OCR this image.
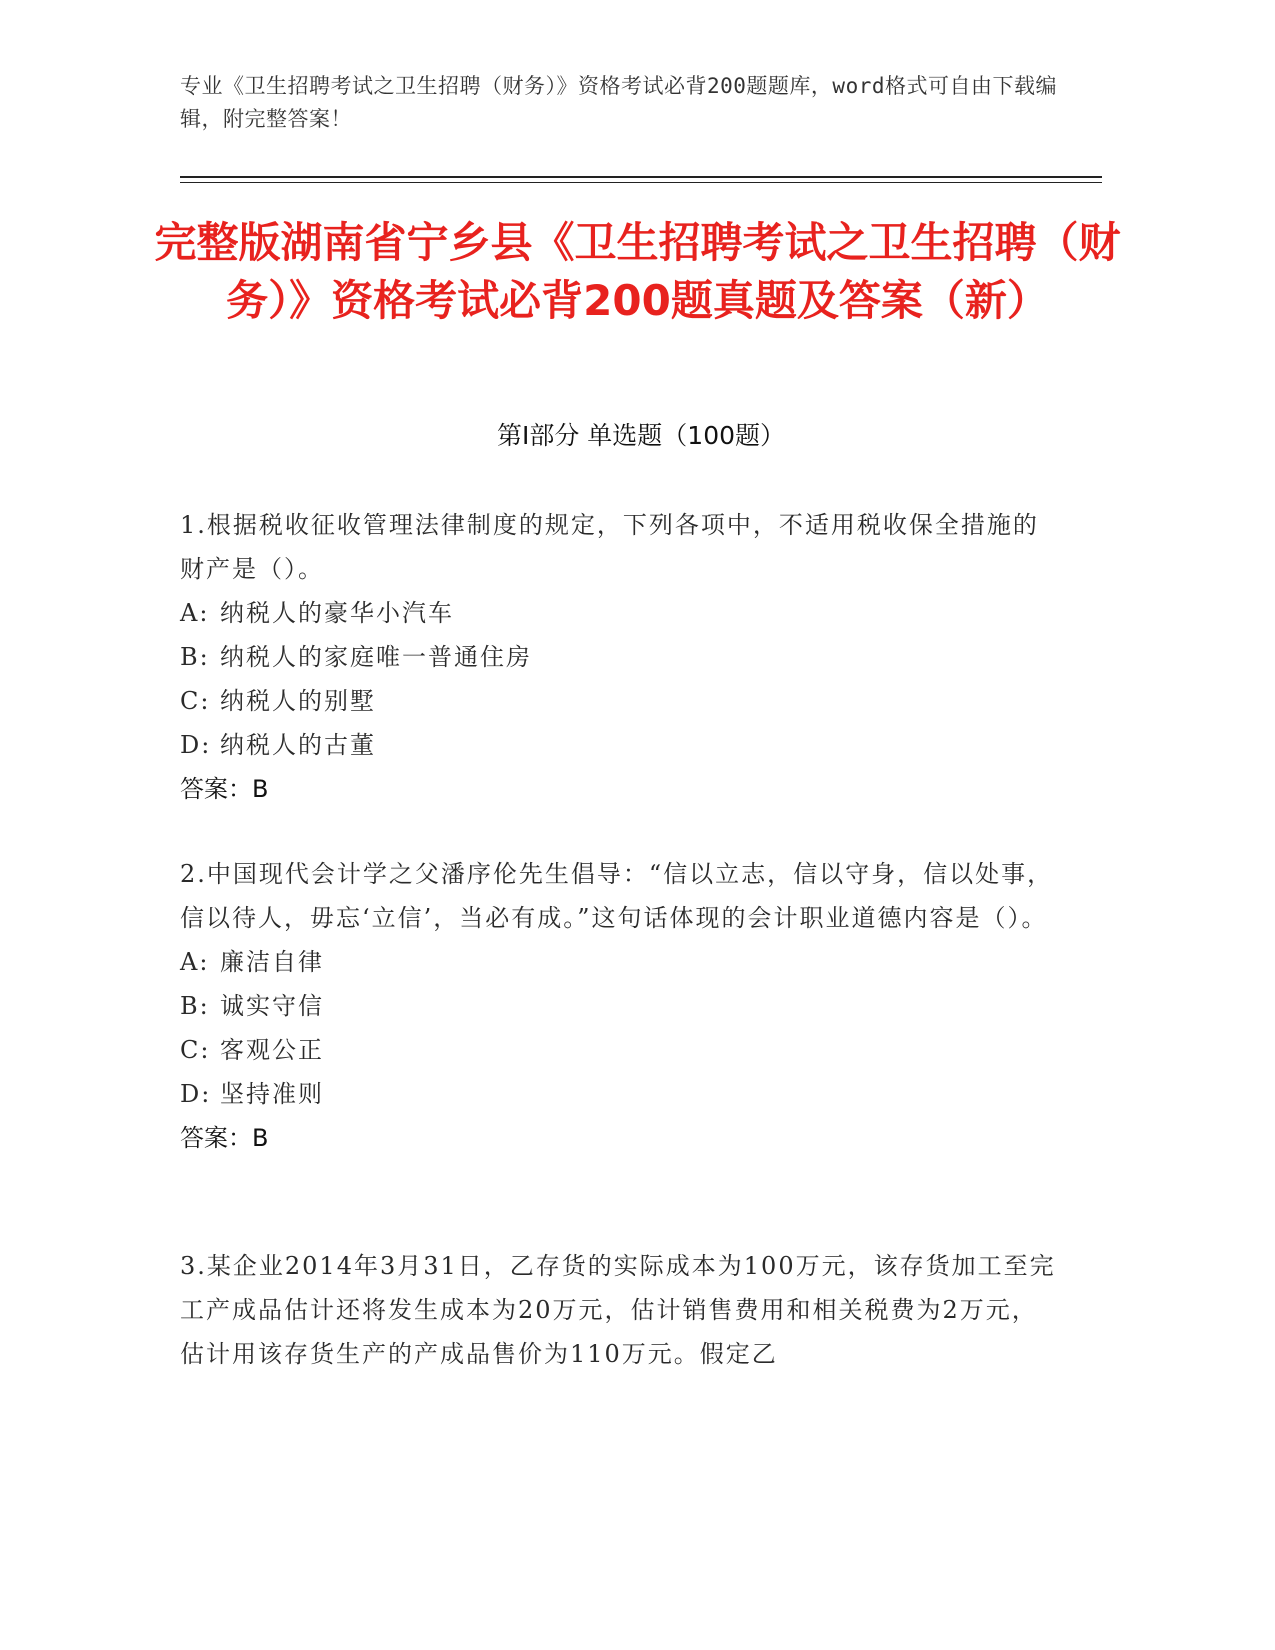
专业《卫生招聘考试之卫生招聘（财务）》资格考试必背200题题库，word格式可自由下载编辑，附完整答案！
完整版湖南省宁乡县《卫生招聘考试之卫生招聘（财务）》资格考试必背200题真题及答案（新）
第Ⅰ部分 单选题（100题）
1.根据税收征收管理法律制度的规定，下列各项中，不适用税收保全措施的财产是（）。
A: 纳税人的豪华小汽车
B: 纳税人的家庭唯一普通住房
C: 纳税人的别墅
D: 纳税人的古董
答案：B
2.中国现代会计学之父潘序伦先生倡导：“信以立志，信以守身，信以处事，信以待人，毋忘‘立信’，当必有成。”这句话体现的会计职业道德内容是（）。
A: 廉洁自律
B: 诚实守信
C: 客观公正
D: 坚持准则
答案：B
3.某企业2014年3月31日，乙存货的实际成本为100万元，该存货加工至完工产成品估计还将发生成本为20万元，估计销售费用和相关税费为2万元，估计用该存货生产的产成品售价为110万元。假定乙
